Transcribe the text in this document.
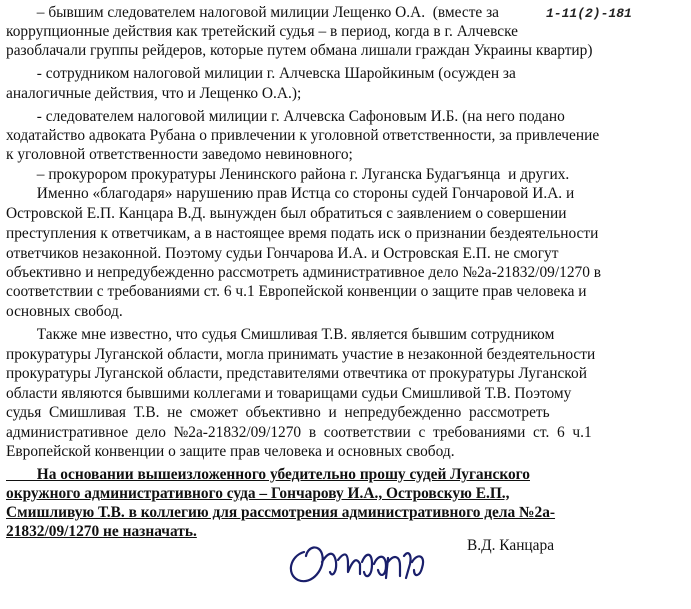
– бывшим следователем налоговой милиции Лещенко О.А.  (вместе за
коррупционные действия как третейский судья – в период, когда в г. Алчевске
разоблачали группы рейдеров, которые путем обмана лишали граждан Украины квартир)
- сотрудником налоговой милиции г. Алчевска Шаройкиным (осужден за
аналогичные действия, что и Лещенко О.А.);
- следователем налоговой милиции г. Алчевска Сафоновым И.Б. (на него подано
ходатайство адвоката Рубана о привлечении к уголовной ответственности, за привлечение
к уголовной ответственности заведомо невиновного;
– прокурором прокуратуры Ленинского района г. Луганска Будагъянца  и других.
Именно «благодаря» нарушению прав Истца со стороны судей Гончаровой И.А. и
Островской Е.П. Канцара В.Д. вынужден был обратиться с заявлением о совершении
преступления к ответчикам, а в настоящее время подать иск о признании бездеятельности
ответчиков незаконной. Поэтому судьи Гончарова И.А. и Островская Е.П. не смогут
объективно и непредубежденно рассмотреть административное дело №2а-21832/09/1270 в
соответствии с требованиями ст. 6 ч.1 Европейской конвенции о защите прав человека и
основных свобод.
Также мне известно, что судья Смишливая Т.В. является бывшим сотрудником
прокуратуры Луганской области, могла принимать участие в незаконной бездеятельности
прокуратуры Луганской области, представителями отвечтика от прокуратуры Луганской
области являются бывшими коллегами и товарищами судьи Смишливой Т.В. Поэтому
судья  Смишливая  Т.В.  не  сможет  объективно  и  непредубежденно  рассмотреть
административное  дело  №2а-21832/09/1270  в  соответствии  с  требованиями  ст.  6  ч.1
Европейской конвенции о защите прав человека и основных свобод.
На основании вышеизложенного убедительно прошу судей Луганского
окружного административного суда – Гончарову И.А., Островскую Е.П.,
Смишливую Т.В. в коллегию для рассмотрения административного дела №2а-
21832/09/1270 не назначать.
1-11(2)-181
В.Д. Канцара
